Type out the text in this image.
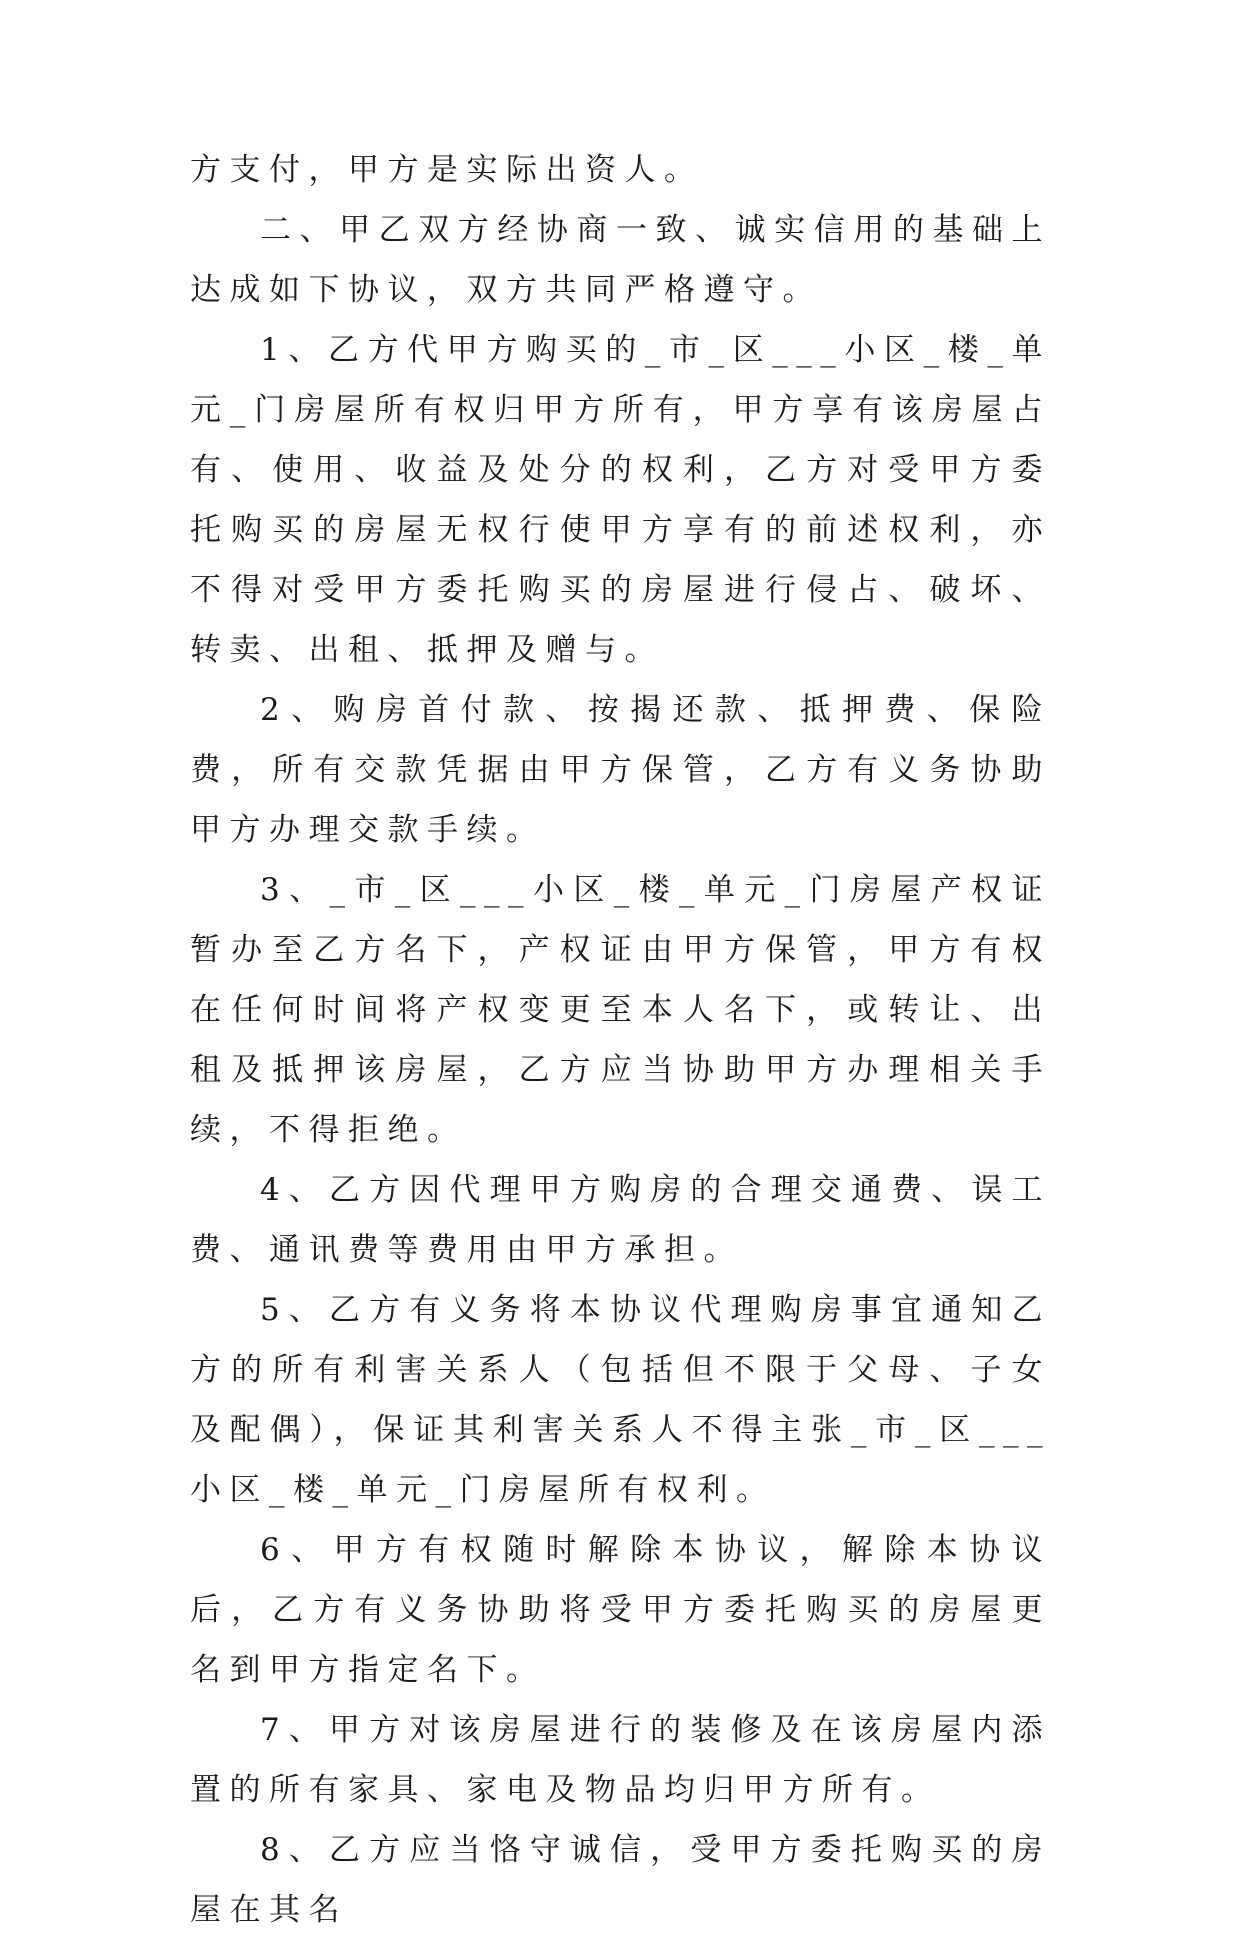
方支付，甲方是实际出资人。

二、甲乙双方经协商一致、诚实信用的基础上达成如下协议，双方共同严格遵守。

1、乙方代甲方购买的_市_区___小区_楼_单元_门房屋所有权归甲方所有，甲方享有该房屋占有、使用、收益及处分的权利，乙方对受甲方委托购买的房屋无权行使甲方享有的前述权利，亦不得对受甲方委托购买的房屋进行侵占、破坏、转卖、出租、抵押及赠与。

2、购房首付款、按揭还款、抵押费、保险费，所有交款凭据由甲方保管，乙方有义务协助甲方办理交款手续。

3、_市_区___小区_楼_单元_门房屋产权证暂办至乙方名下，产权证由甲方保管，甲方有权在任何时间将产权变更至本人名下，或转让、出租及抵押该房屋，乙方应当协助甲方办理相关手续，不得拒绝。

4、乙方因代理甲方购房的合理交通费、误工费、通讯费等费用由甲方承担。

5、乙方有义务将本协议代理购房事宜通知乙方的所有利害关系人（包括但不限于父母、子女及配偶），保证其利害关系人不得主张_市_区___小区_楼_单元_门房屋所有权利。

6、甲方有权随时解除本协议，解除本协议后，乙方有义务协助将受甲方委托购买的房屋更名到甲方指定名下。

7、甲方对该房屋进行的装修及在该房屋内添置的所有家具、家电及物品均归甲方所有。

8、乙方应当恪守诚信，受甲方委托购买的房屋在其名
